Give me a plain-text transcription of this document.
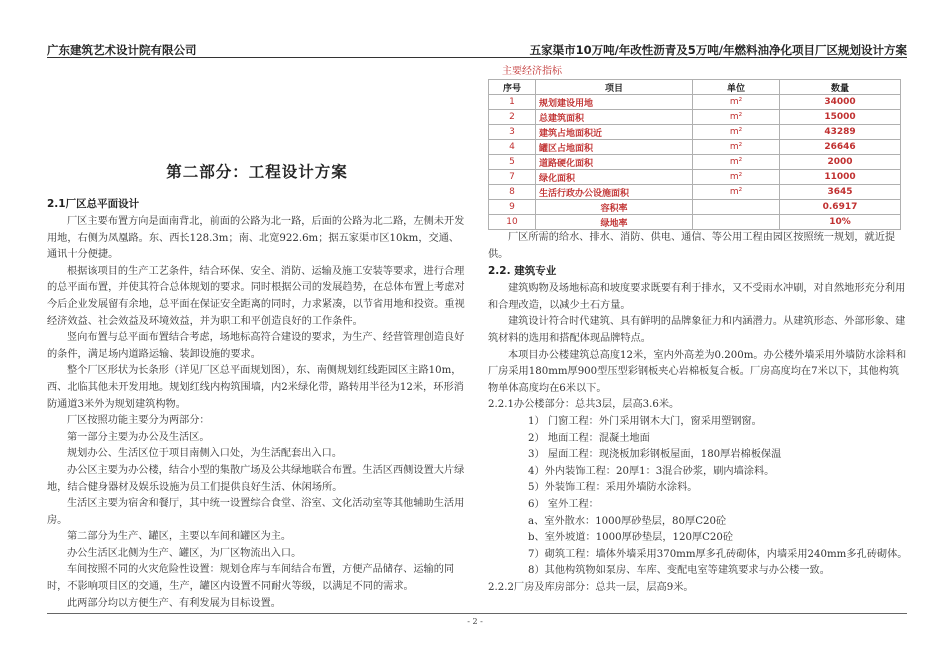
广东建筑艺术设计院有限公司	五家渠市10万吨/年改性沥青及5万吨/年燃料油净化项目厂区规划设计方案
第二部分：工程设计方案
2.1厂区总平面设计

厂区主要布置方向是面南背北，前面的公路为北一路，后面的公路为北二路，左侧未开发用地，右侧为凤凰路。东、西长128.3m；南、北宽922.6m；据五家渠市区10km，交通、通讯十分便捷。

根据该项目的生产工艺条件，结合环保、安全、消防、运输及施工安装等要求，进行合理的总平面布置，并使其符合总体规划的要求。同时根据公司的发展趋势，在总体布置上考虑对今后企业发展留有余地，总平面在保证安全距离的同时，力求紧凑，以节省用地和投资。重视经济效益、社会效益及环境效益，并为职工和平创造良好的工作条件。

竖向布置与总平面布置结合考虑，场地标高符合建设的要求，为生产、经营管理创造良好的条件，满足场内道路运输、装卸设施的要求。

整个厂区形状为长条形（详见厂区总平面规划图），东、南侧规划红线距园区主路10m，西、北临其他未开发用地。规划红线内构筑围墙，内2米绿化带，路转用半径为12米，环形消防通道3米外为规划建筑构物。

厂区按照功能主要分为两部分：

第一部分主要为办公及生活区。

规划办公、生活区位于项目南侧入口处，为生活配套出入口。

办公区主要为办公楼，结合小型的集散广场及公共绿地联合布置。生活区西侧设置大片绿地，结合健身器材及娱乐设施为员工们提供良好生活、休闲场所。

生活区主要为宿舍和餐厅，其中统一设置综合食堂、浴室、文化活动室等其他辅助生活用房。

第二部分为生产、罐区，主要以车间和罐区为主。

办公生活区北侧为生产、罐区，为厂区物流出入口。

车间按照不同的火灾危险性设置：规划仓库与车间结合布置，方便产品储存、运输的同时，不影响项目区的交通，生产，罐区内设置不同耐火等级，以满足不同的需求。

此两部分均以方便生产、有利发展为目标设置。

主要经济指标
序号	项目	单位	数量
1	规划建设用地	m²	34000
2	总建筑面积	m²	15000
3	建筑占地面积近	m²	43289
4	罐区占地面积	m²	26646
5	道路硬化面积	m²	2000
7	绿化面积	m²	11000
8	生活行政办公设施面积	m²	3645
9	容积率		0.6917
10	绿地率		10%

厂区所需的给水、排水、消防、供电、通信、等公用工程由园区按照统一规划，就近提供。

2.2. 建筑专业

建筑购物及场地标高和坡度要求既要有利于排水，又不受雨水冲刷，对自然地形充分利用和合理改造，以减少土石方量。

建筑设计符合时代建筑、具有鲜明的品牌象征力和内涵潜力。从建筑形态、外部形象、建筑材料的选用和搭配体现品牌特点。

本项目办公楼建筑总高度12米，室内外高差为0.200m。办公楼外墙采用外墙防水涂料和厂房采用180mm厚900型压型彩钢板夹心岩棉板复合板。厂房高度均在7米以下，其他构筑物单体高度均在6米以下。

2.2.1办公楼部分：总共3层，层高3.6米。

1） 门窗工程：外门采用钢木大门，窗采用塑钢窗。

2） 地面工程：混凝土地面

3） 屋面工程：现浇板加彩钢板屋面，180厚岩棉板保温

4）外内装饰工程：20厚1：3混合砂浆，刷内墙涂料。

5）外装饰工程：采用外墙防水涂料。

6） 室外工程：

a、室外散水：1000厚砂垫层，80厚C20砼

b、室外坡道：1000厚砂垫层，120厚C20砼

7）砌筑工程：墙体外墙采用370mm厚多孔砖砌体，内墙采用240mm多孔砖砌体。

8）其他构筑物如泵房、车库、变配电室等建筑要求与办公楼一致。

2.2.2厂房及库房部分：总共一层，层高9米。

- 2 -
